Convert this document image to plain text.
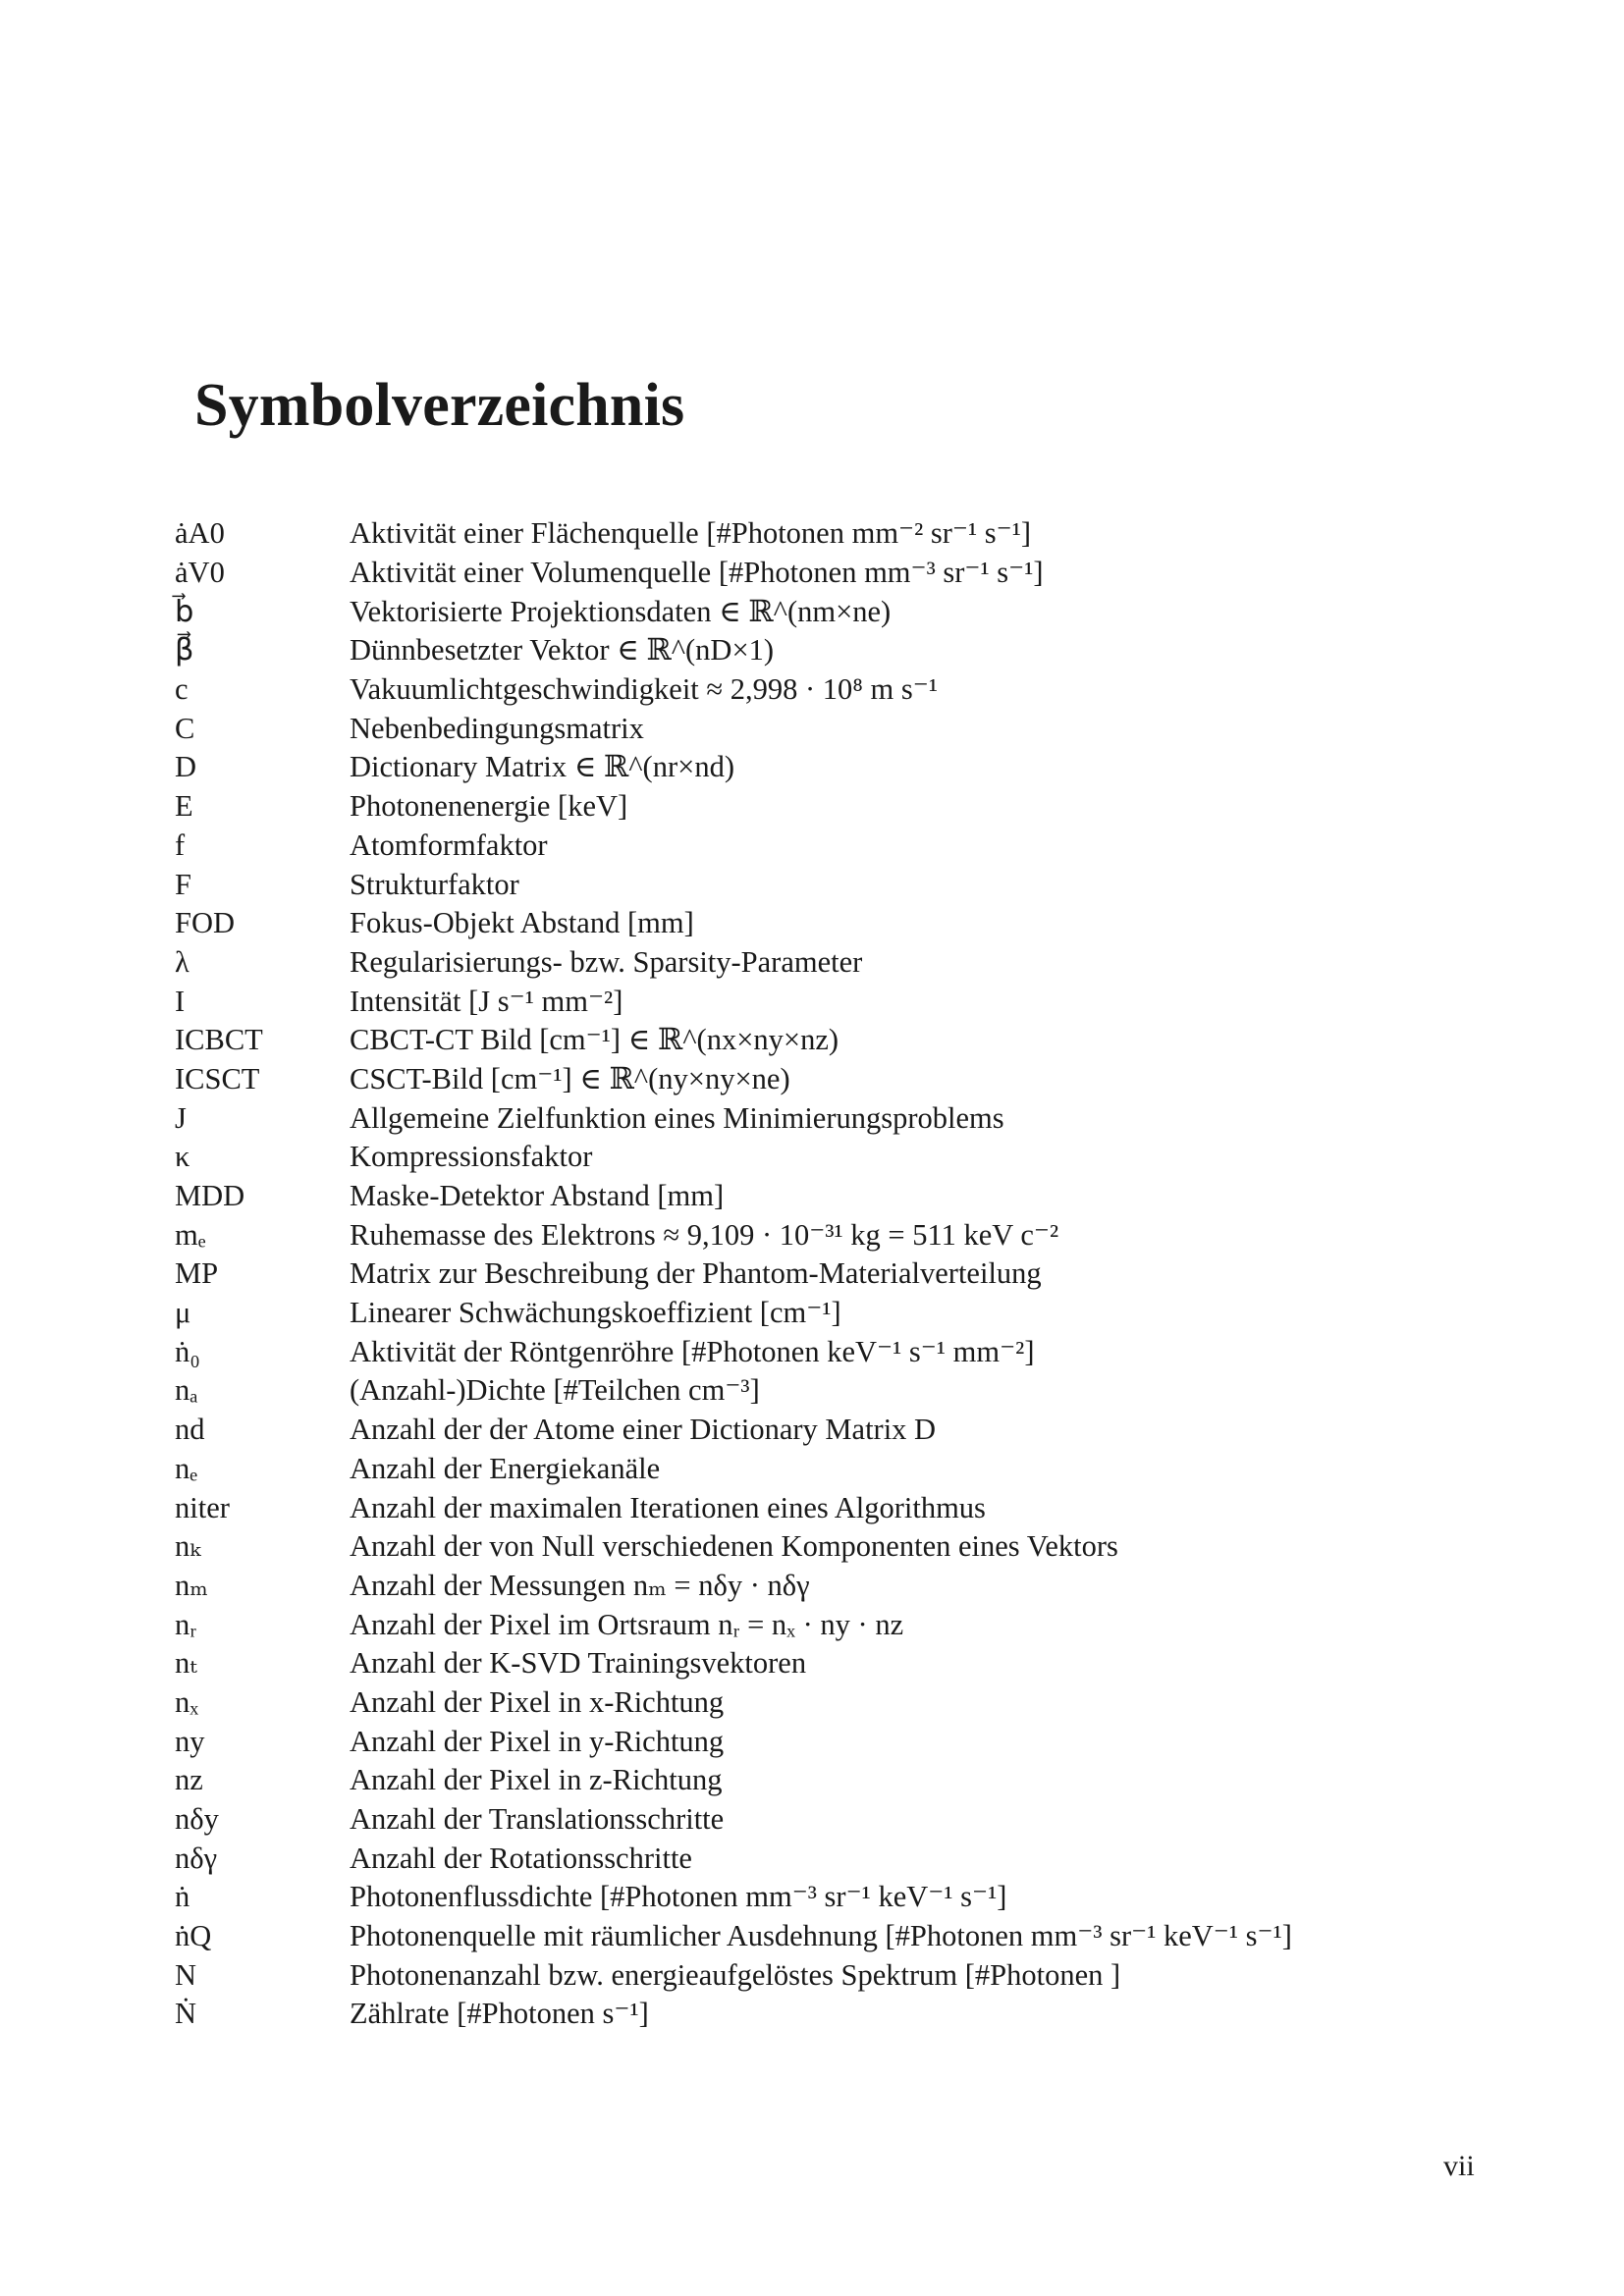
Symbolverzeichnis
ȧA0	Aktivität einer Flächenquelle [#Photonen mm⁻² sr⁻¹ s⁻¹]
ȧV0	Aktivität einer Volumenquelle [#Photonen mm⁻³ sr⁻¹ s⁻¹]
b⃗	Vektorisierte Projektionsdaten ∈ ℝ^(nm×ne)
β⃗	Dünnbesetzter Vektor ∈ ℝ^(nD×1)
c	Vakuumlichtgeschwindigkeit ≈ 2,998 · 10⁸ m s⁻¹
C	Nebenbedingungsmatrix
D	Dictionary Matrix ∈ ℝ^(nr×nd)
E	Photonenenergie [keV]
f	Atomformfaktor
F	Strukturfaktor
FOD	Fokus-Objekt Abstand [mm]
λ	Regularisierungs- bzw. Sparsity-Parameter
I	Intensität [J s⁻¹ mm⁻²]
ICBCT	CBCT-CT Bild [cm⁻¹] ∈ ℝ^(nx×ny×nz)
ICSCT	CSCT-Bild [cm⁻¹] ∈ ℝ^(ny×ny×ne)
J	Allgemeine Zielfunktion eines Minimierungsproblems
κ	Kompressionsfaktor
MDD	Maske-Detektor Abstand [mm]
mₑ	Ruhemasse des Elektrons ≈ 9,109 · 10⁻³¹ kg = 511 keV c⁻²
MP	Matrix zur Beschreibung der Phantom-Materialverteilung
μ	Linearer Schwächungskoeffizient [cm⁻¹]
ṅ₀	Aktivität der Röntgenröhre [#Photonen keV⁻¹ s⁻¹ mm⁻²]
nₐ	(Anzahl-)Dichte [#Teilchen cm⁻³]
nd	Anzahl der der Atome einer Dictionary Matrix D
nₑ	Anzahl der Energiekanäle
niter	Anzahl der maximalen Iterationen eines Algorithmus
nₖ	Anzahl der von Null verschiedenen Komponenten eines Vektors
nₘ	Anzahl der Messungen nₘ = nδy · nδγ
nᵣ	Anzahl der Pixel im Ortsraum nᵣ = nₓ · ny · nz
nₜ	Anzahl der K-SVD Trainingsvektoren
nₓ	Anzahl der Pixel in x-Richtung
ny	Anzahl der Pixel in y-Richtung
nz	Anzahl der Pixel in z-Richtung
nδy	Anzahl der Translationsschritte
nδγ	Anzahl der Rotationsschritte
ṅ	Photonenflussdichte [#Photonen mm⁻³ sr⁻¹ keV⁻¹ s⁻¹]
ṅQ	Photonenquelle mit räumlicher Ausdehnung [#Photonen mm⁻³ sr⁻¹ keV⁻¹ s⁻¹]
N	Photonenanzahl bzw. energieaufgelöstes Spektrum [#Photonen ]
Ṅ	Zählrate [#Photonen s⁻¹]
vii
